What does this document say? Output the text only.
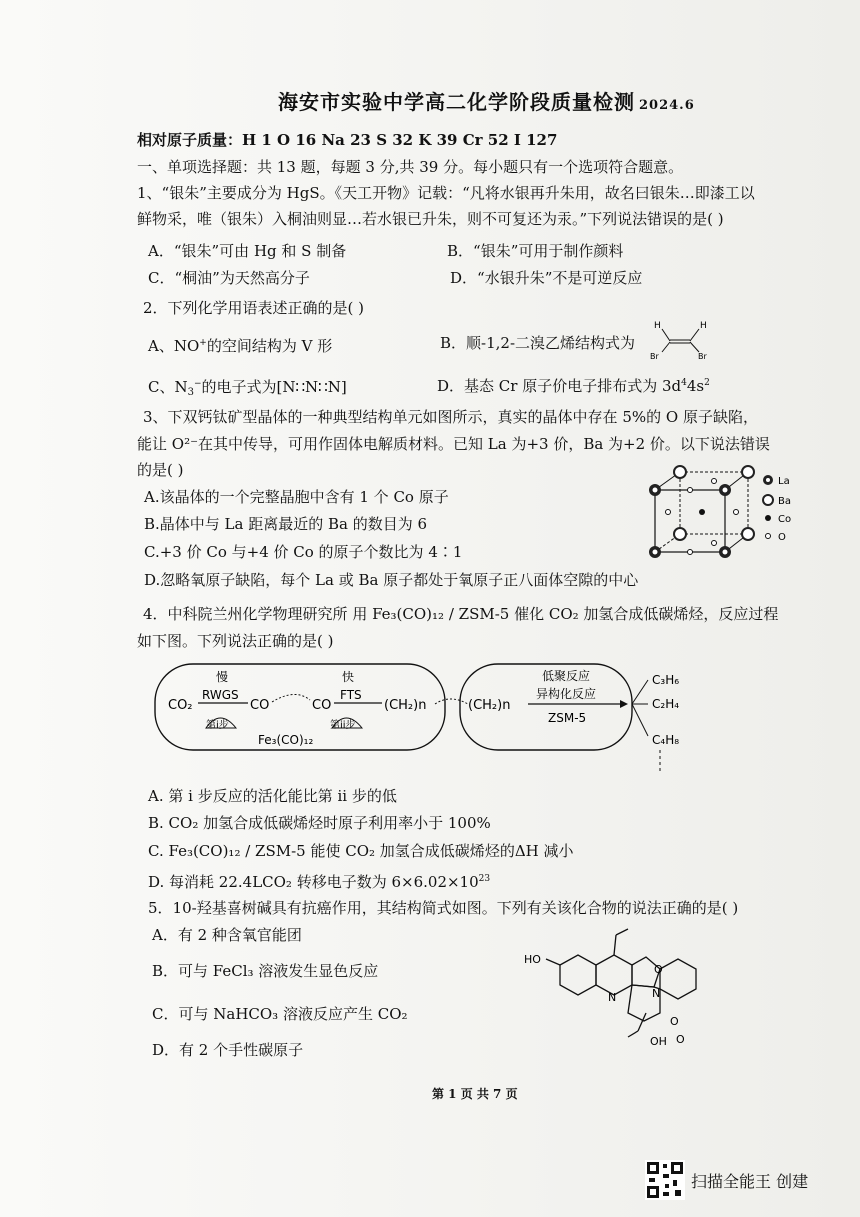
海安市实验中学高二化学阶段质量检测 2024.6
相对原子质量：H 1 O 16 Na 23 S 32 K 39 Cr 52 I 127
一、单项选择题：共 13 题，每题 3 分,共 39 分。每小题只有一个选项符合题意。
1、“银朱”主要成分为 HgS。《天工开物》记载：“凡将水银再升朱用，故名曰银朱…即漆工以
鲜物采，唯（银朱）入桐油则显…若水银已升朱，则不可复还为汞。”下列说法错误的是( )
A．“银朱”可由 Hg 和 S 制备	B．“银朱”可用于制作颜料
C．“桐油”为天然高分子	D．“水银升朱”不是可逆反应
2．下列化学用语表述正确的是( )
A、NO+的空间结构为 V 形	B．顺-1,2-二溴乙烯结构式为
H	H
Br	Br
C、$N_3^-$的电子式为[N∷N∷N]	D．基态 Cr 原子价电子排布式为 $3d^44s^2$
3、下双钙钛矿型晶体的一种典型结构单元如图所示，真实的晶体中存在 5%的 O 原子缺陷，
能让 O²⁻在其中传导，可用作固体电解质材料。已知 La 为+3 价，Ba 为+2 价。以下说法错误
的是( )
A.该晶体的一个完整晶胞中含有 1 个 Co 原子
B.晶体中与 La 距离最近的 Ba 的数目为 6
C.+3 价 Co 与+4 价 Co 的原子个数比为 4∶1
D.忽略氧原子缺陷，每个 La 或 Ba 原子都处于氧原子正八面体空隙的中心
La
Ba
Co
O
4．中科院兰州化学物理研究所 用 Fe₃(CO)₁₂ / ZSM-5 催化 CO₂ 加氢合成低碳烯烃，反应过程
如下图。下列说法正确的是( )
慢	快
RWGS
CO₂	CO
FTS
CO	(CH₂)n
第i步	第ii步
Fe₃(CO)₁₂
(CH₂)n
低聚反应
异构化反应
ZSM-5
C₃H₆
C₂H₄
C₄H₈
A. 第 i 步反应的活化能比第 ii 步的低
B. CO₂ 加氢合成低碳烯烃时原子利用率小于 100%
C. Fe₃(CO)₁₂ / ZSM-5 能使 CO₂ 加氢合成低碳烯烃的ΔH 减小
D. 每消耗 22.4LCO₂ 转移电子数为 $6\times 6.02\times 10^{23}$
5．10-羟基喜树碱具有抗癌作用，其结构简式如图。下列有关该化合物的说法正确的是( )
A．有 2 种含氧官能团
B．可与 FeCl₃ 溶液发生显色反应
C．可与 NaHCO₃ 溶液反应产生 CO₂
D．有 2 个手性碳原子
HO
N	N
O
O
OH O
第 1 页 共 7 页
扫描全能王 创建
